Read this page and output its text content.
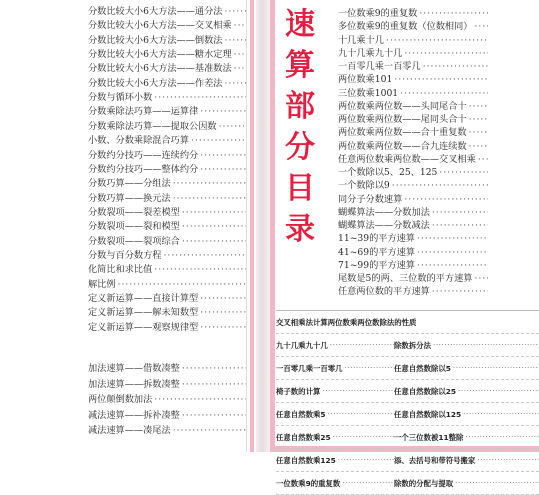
分数比较大小6大方法——通分法
·····
分数比较大小6大方法——交叉相乘
·····
分数比较大小6大方法——倒数法
·····
分数比较大小6大方法——糖水定理
·····
分数比较大小6大方法——基准数法
·····
分数比较大小6大方法——作差法
·····
分数与循环小数
·····
分数乘除法巧算——运算律
·····
分数乘除法巧算——提取公因数
·····
小数、分数乘除混合巧算
·····
分数约分技巧——连续约分
·····
分数约分技巧——整体约分
·····
分数巧算——分组法
·····
分数巧算——换元法
·····
分数裂项——裂差模型
·····
分数裂项——裂和模型
·····
分数裂项——裂项综合
·····
分数与百分数方程
·····
化简比和求比值
·····
解比例
·····
定义新运算——直接计算型
·····
定义新运算——解未知数型
·····
定义新运算——观察规律型
·····
加法速算——借数凑整
·····
加法速算——拆数凑整
·····
两位颠倒数加法
·····
减法速算——拆补凑整
·····
减法速算——凑尾法
·····
速
算
部
分
目
录
一位数乘9的重复数
·····
多位数乘9的重复数（位数相同）
·····
十几乘十几
·····
九十几乘九十几
·····
一百零几乘一百零几
·····
两位数乘101
·····
三位数乘1001
·····
两位数乘两位数——头同尾合十
·····
两位数乘两位数——尾同头合十
·····
两位数乘两位数——合十重复数
·····
两位数乘两位数——合九连续数
·····
任意两位数乘两位数——交叉相乘
·····
一个数除以5、25、125
·····
一个数除以9
·····
同分子分数速算
·····
蝴蝶算法——分数加法
·····
蝴蝶算法——分数减法
·····
11~39的平方速算
·····
41~69的平方速算
·····
71~99的平方速算
·····
尾数是5的两、三位数的平方速算
·····
任意两位数的平方速算
·····
交叉相乘法计算两位数乘两位数除法的性质
九十几乘九十几 ·····	除数拆分法
·····
一百零几乘一百零几 ·····	任意自然数除以5
·····
椅子数的计算 ·····	任意自然数除以25
·····
任意自然数乘5 ·····	任意自然数除以125
·····
任意自然数乘25 ·····	一个三位数被11整除
·····
任意自然数乘125 ·····	添、去括号和带符号搬家
·····
一位数乘9的重复数 ·····	除数的分配与提取
·····
